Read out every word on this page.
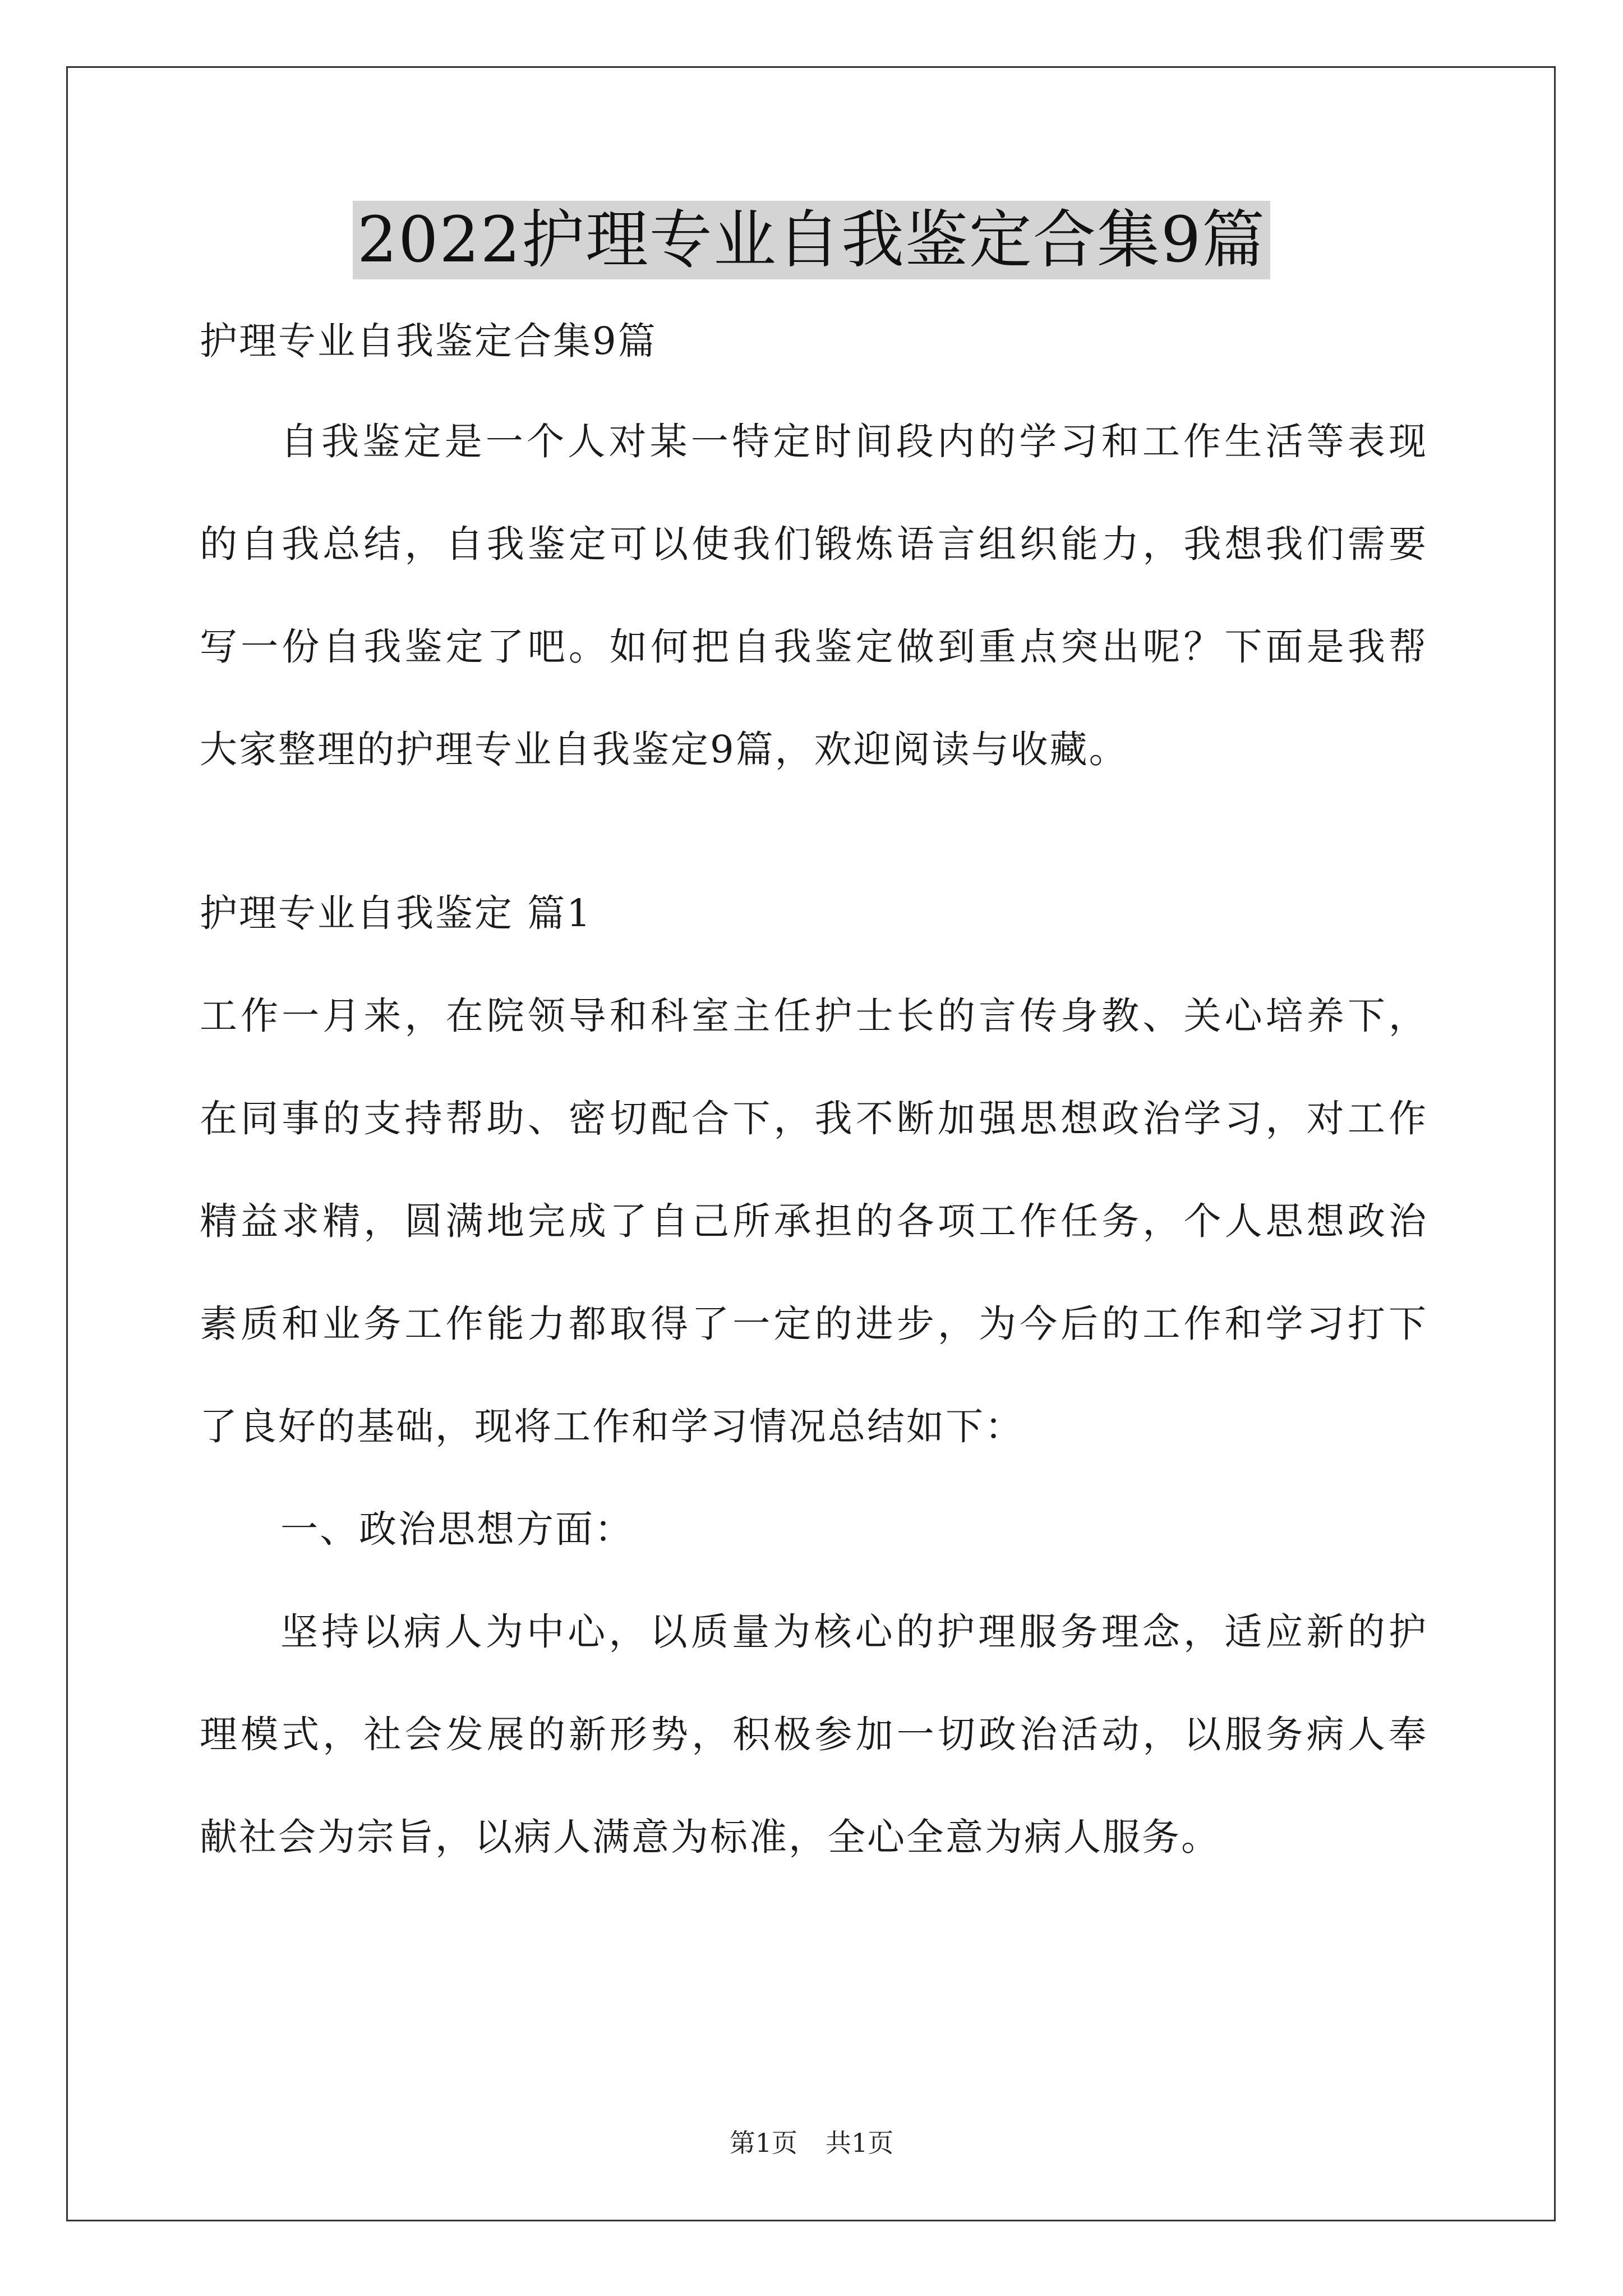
2022护理专业自我鉴定合集9篇
护理专业自我鉴定合集9篇
自我鉴定是一个人对某一特定时间段内的学习和工作生活等表现
的自我总结，自我鉴定可以使我们锻炼语言组织能力，我想我们需要
写一份自我鉴定了吧。如何把自我鉴定做到重点突出呢？下面是我帮
大家整理的护理专业自我鉴定9篇，欢迎阅读与收藏。
护理专业自我鉴定 篇1
工作一月来，在院领导和科室主任护士长的言传身教、关心培养下，
在同事的支持帮助、密切配合下，我不断加强思想政治学习，对工作
精益求精，圆满地完成了自己所承担的各项工作任务，个人思想政治
素质和业务工作能力都取得了一定的进步，为今后的工作和学习打下
了良好的基础，现将工作和学习情况总结如下：
一、政治思想方面：
坚持以病人为中心，以质量为核心的护理服务理念，适应新的护
理模式，社会发展的新形势，积极参加一切政治活动，以服务病人奉
献社会为宗旨，以病人满意为标准，全心全意为病人服务。
第1页 共1页
